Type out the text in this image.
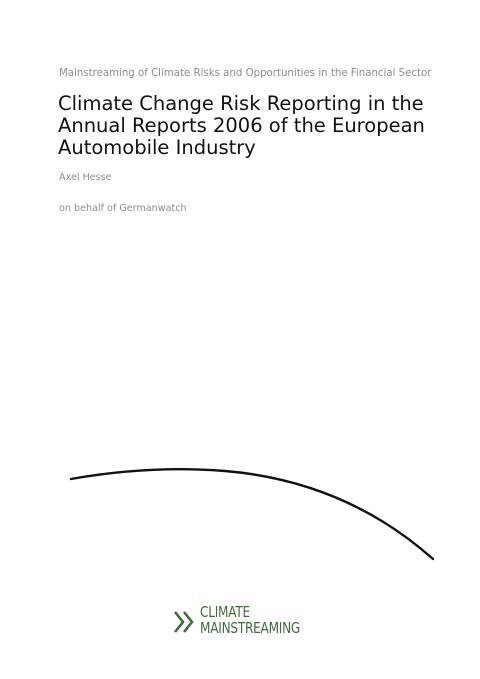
Mainstreaming of Climate Risks and Opportunities in the Financial Sector
Climate Change Risk Reporting in the
Annual Reports 2006 of the European
Automobile Industry
Axel Hesse
on behalf of Germanwatch
CLIMATE
MAINSTREAMING
